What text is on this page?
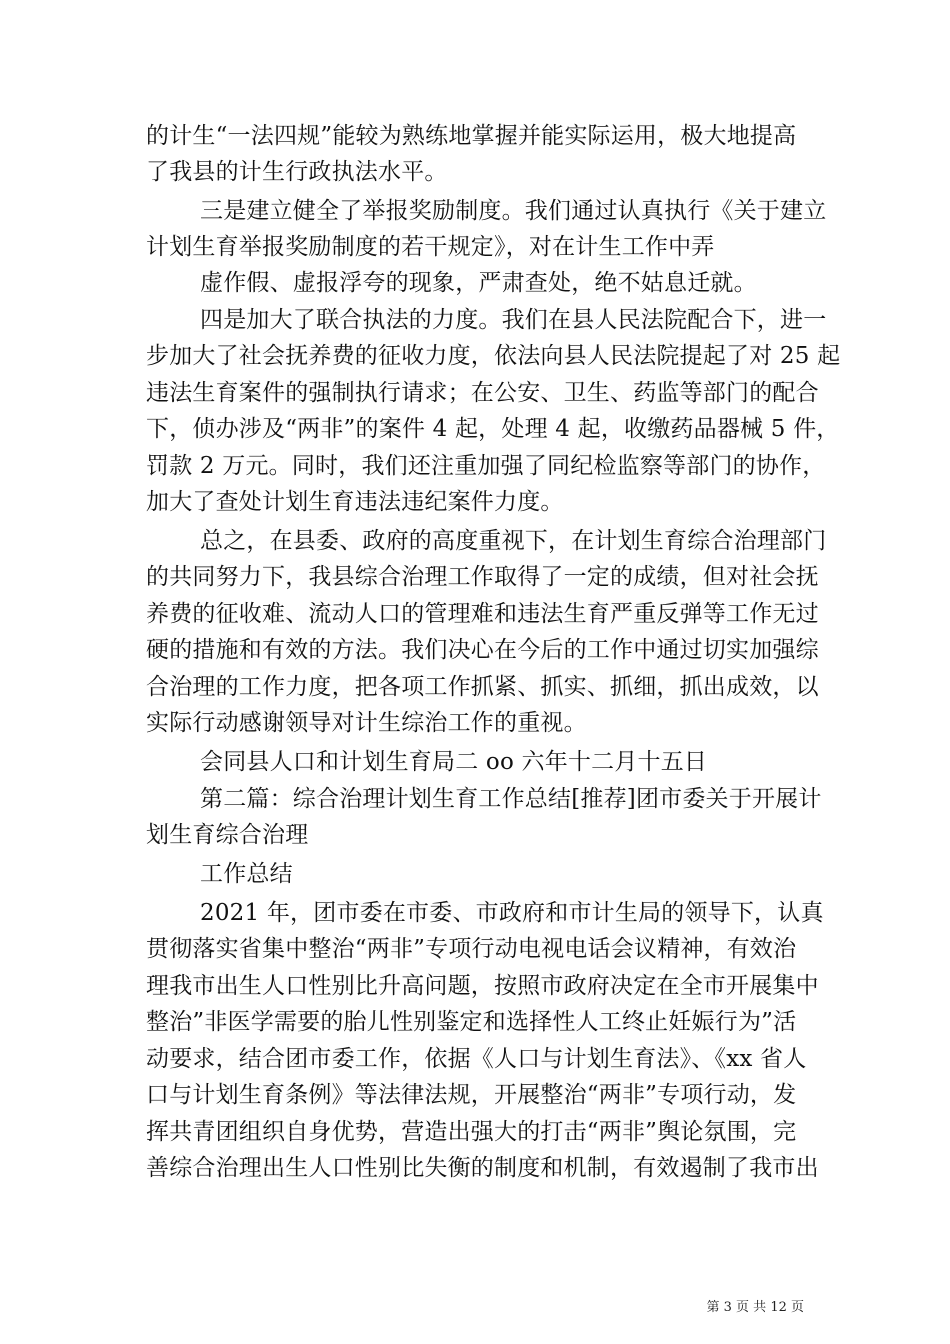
的计生“一法四规”能较为熟练地掌握并能实际运用，极大地提高
了我县的计生行政执法水平。
三是建立健全了举报奖励制度。我们通过认真执行《关于建立
计划生育举报奖励制度的若干规定》，对在计生工作中弄
虚作假、虚报浮夸的现象，严肃查处，绝不姑息迁就。
四是加大了联合执法的力度。我们在县人民法院配合下，进一
步加大了社会抚养费的征收力度，依法向县人民法院提起了对 25 起
违法生育案件的强制执行请求；在公安、卫生、药监等部门的配合
下，侦办涉及“两非”的案件 4 起，处理 4 起，收缴药品器械 5 件，
罚款 2 万元。同时，我们还注重加强了同纪检监察等部门的协作，
加大了查处计划生育违法违纪案件力度。
总之，在县委、政府的高度重视下，在计划生育综合治理部门
的共同努力下，我县综合治理工作取得了一定的成绩，但对社会抚
养费的征收难、流动人口的管理难和违法生育严重反弹等工作无过
硬的措施和有效的方法。我们决心在今后的工作中通过切实加强综
合治理的工作力度，把各项工作抓紧、抓实、抓细，抓出成效，以
实际行动感谢领导对计生综治工作的重视。
会同县人口和计划生育局二 oo 六年十二月十五日
第二篇：综合治理计划生育工作总结[推荐]团市委关于开展计
划生育综合治理
工作总结
2021 年，团市委在市委、市政府和市计生局的领导下，认真
贯彻落实省集中整治“两非”专项行动电视电话会议精神，有效治
理我市出生人口性别比升高问题，按照市政府决定在全市开展集中
整治”非医学需要的胎儿性别鉴定和选择性人工终止妊娠行为”活
动要求，结合团市委工作，依据《人口与计划生育法》、《xx 省人
口与计划生育条例》等法律法规，开展整治“两非”专项行动，发
挥共青团组织自身优势，营造出强大的打击“两非”舆论氛围，完
善综合治理出生人口性别比失衡的制度和机制，有效遏制了我市出
第 3 页 共 12 页
